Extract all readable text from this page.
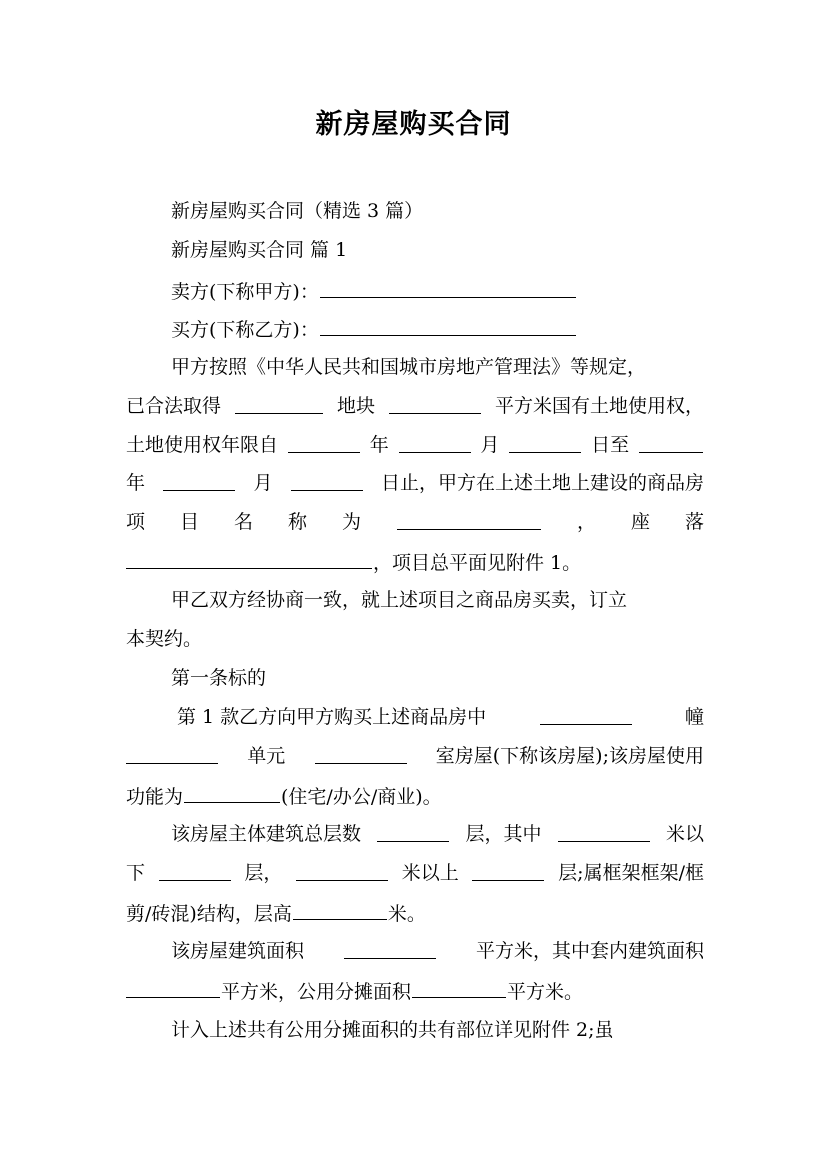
新房屋购买合同
新房屋购买合同（精选 3 篇）
新房屋购买合同 篇 1
卖方(下称甲方)：
买方(下称乙方)：
甲方按照《中华人民共和国城市房地产管理法》等规定，
已合法取得	地块	平方米国有土地使用权，
土地使用权年限自	年	月	日至
年	月	日止，甲方在上述土地上建设的商品房
项 目 名 称 为	， 座 落
，项目总平面见附件 1。
甲乙双方经协商一致，就上述项目之商品房买卖，订立
本契约。
第一条标的
第 1 款乙方向甲方购买上述商品房中	幢
单元	室房屋(下称该房屋);该房屋使用
功能为	(住宅/办公/商业)。
该房屋主体建筑总层数	层，其中	米以
下	层，	米以上	层;属框架框架/框
剪/砖混)结构，层高	米。
该房屋建筑面积	平方米，其中套内建筑面积
平方米，公用分摊面积	平方米。
计入上述共有公用分摊面积的共有部位详见附件 2;虽
